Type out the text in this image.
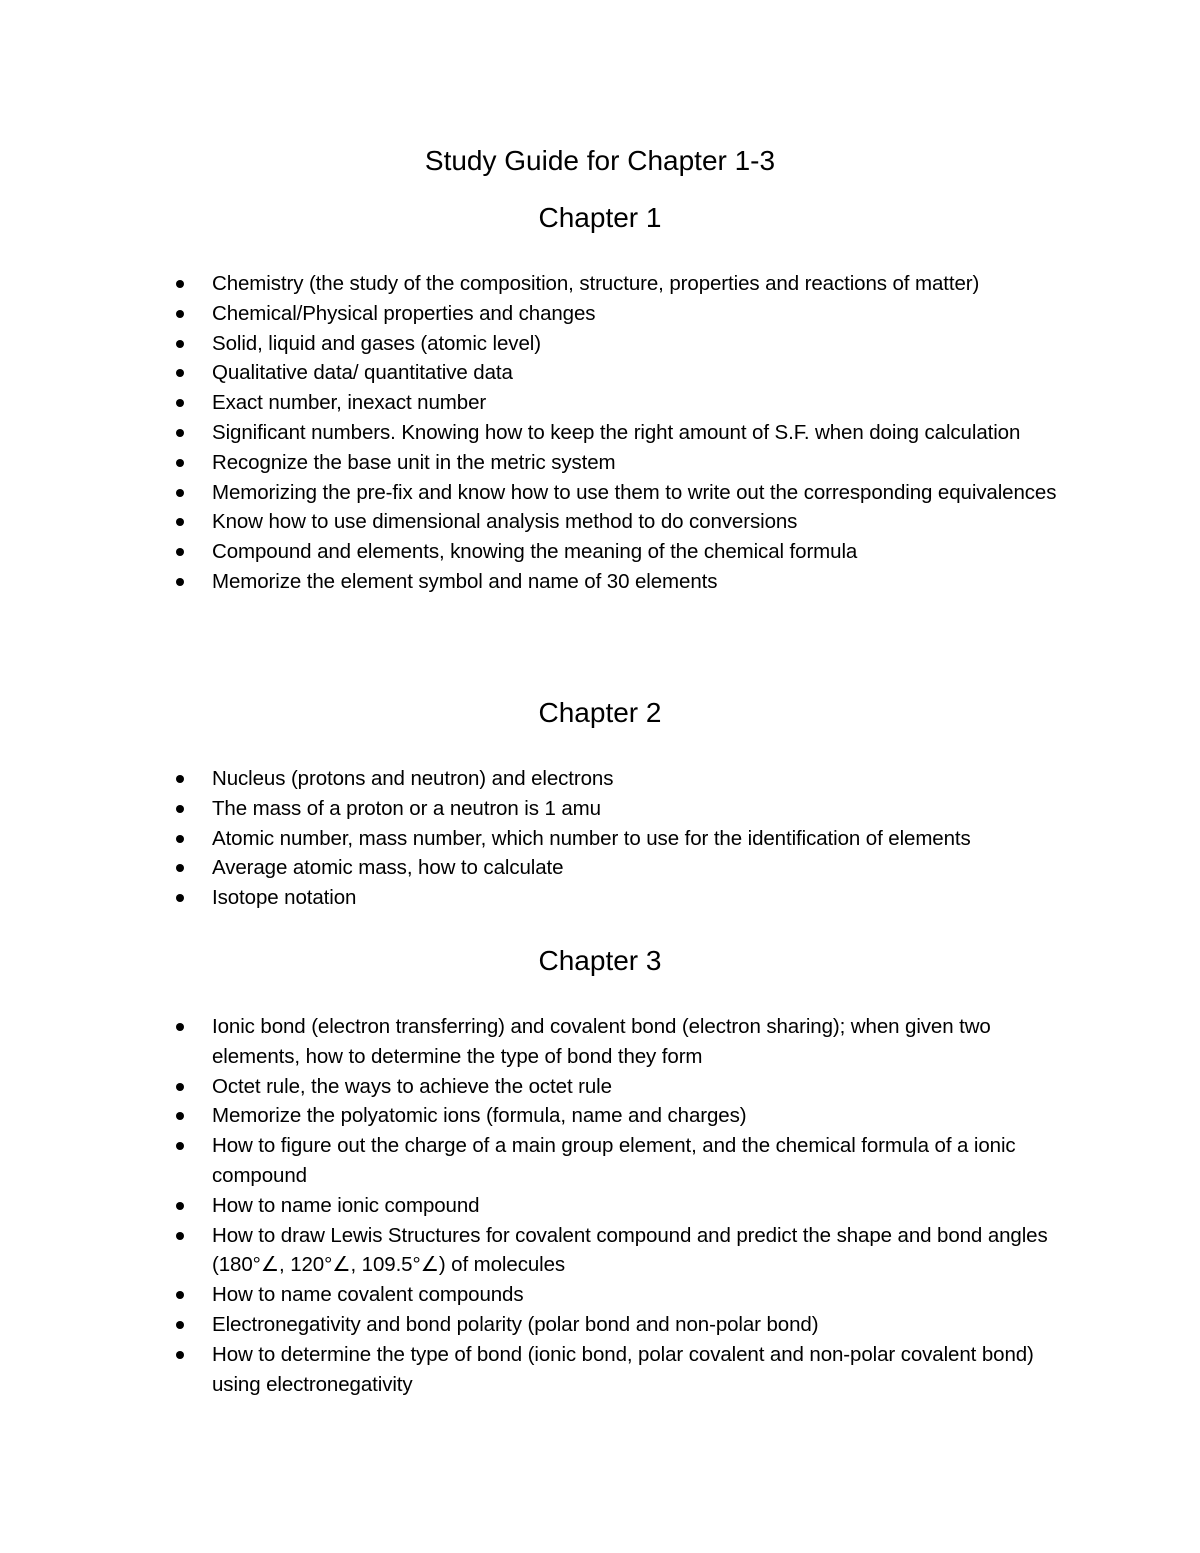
Study Guide for Chapter 1-3
Chapter 1
Chemistry (the study of the composition, structure, properties and reactions of matter)
Chemical/Physical properties and changes
Solid, liquid and gases (atomic level)
Qualitative data/ quantitative data
Exact number, inexact number
Significant numbers. Knowing how to keep the right amount of S.F. when doing calculation
Recognize the base unit in the metric system
Memorizing the pre-fix and know how to use them to write out the corresponding equivalences
Know how to use dimensional analysis method to do conversions
Compound and elements, knowing the meaning of the chemical formula
Memorize the element symbol and name of 30 elements
Chapter 2
Nucleus (protons and neutron) and electrons
The mass of a proton or a neutron is 1 amu
Atomic number, mass number, which number to use for the identification of elements
Average atomic mass, how to calculate
Isotope notation
Chapter 3
Ionic bond (electron transferring) and covalent bond (electron sharing); when given two elements, how to determine the type of bond they form
Octet rule, the ways to achieve the octet rule
Memorize the polyatomic ions (formula, name and charges)
How to figure out the charge of a main group element, and the chemical formula of a ionic compound
How to name ionic compound
How to draw Lewis Structures for covalent compound and predict the shape and bond angles (180°∠, 120°∠, 109.5°∠) of molecules
How to name covalent compounds
Electronegativity and bond polarity (polar bond and non-polar bond)
How to determine the type of bond (ionic bond, polar covalent and non-polar covalent bond) using electronegativity
